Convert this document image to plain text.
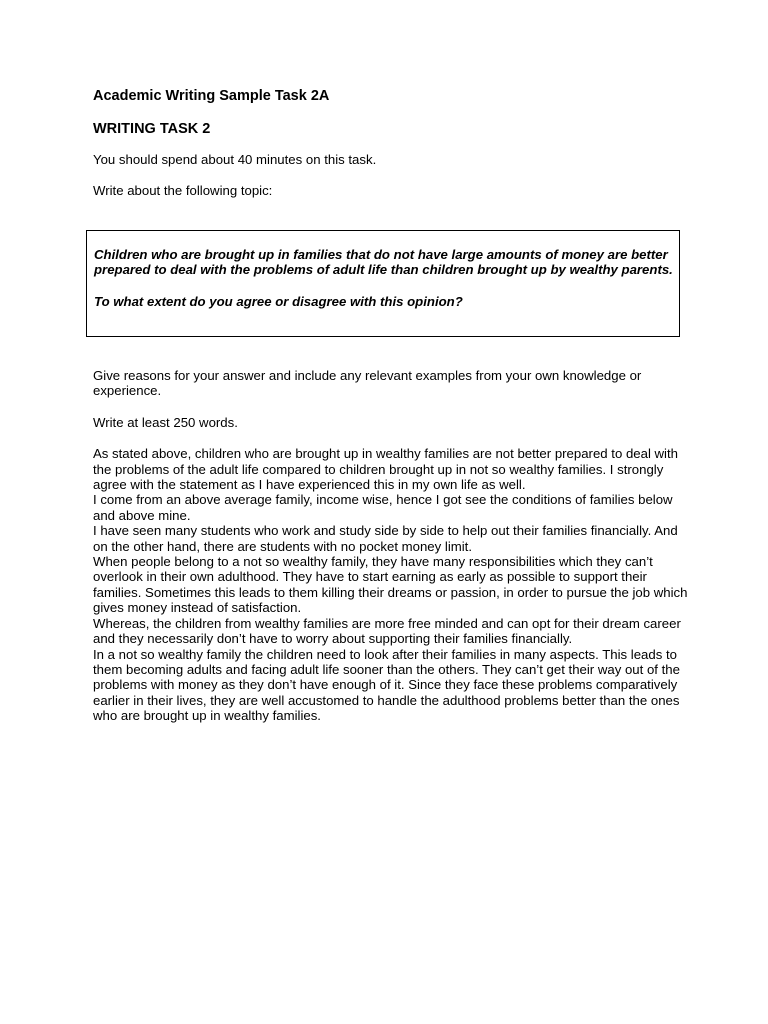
Academic Writing Sample Task 2A
WRITING TASK 2

You should spend about 40 minutes on this task.

Write about the following topic:

Children who are brought up in families that do not have large amounts of money are better prepared to deal with the problems of adult life than children brought up by wealthy parents.

To what extent do you agree or disagree with this opinion?

Give reasons for your answer and include any relevant examples from your own knowledge or experience.

Write at least 250 words.

As stated above, children who are brought up in wealthy families are not better prepared to deal with the problems of the adult life compared to children brought up in not so wealthy families. I strongly agree with the statement as I have experienced this in my own life as well.

I come from an above average family, income wise, hence I got see the conditions of families below and above mine.

I have seen many students who work and study side by side to help out their families financially. And on the other hand, there are students with no pocket money limit.

When people belong to a not so wealthy family, they have many responsibilities which they can’t overlook in their own adulthood. They have to start earning as early as possible to support their families. Sometimes this leads to them killing their dreams or passion, in order to pursue the job which gives money instead of satisfaction.

Whereas, the children from wealthy families are more free minded and can opt for their dream career and they necessarily don’t have to worry about supporting their families financially.

In a not so wealthy family the children need to look after their families in many aspects. This leads to them becoming adults and facing adult life sooner than the others. They can’t get their way out of the problems with money as they don’t have enough of it. Since they face these problems comparatively earlier in their lives, they are well accustomed to handle the adulthood problems better than the ones who are brought up in wealthy families.
